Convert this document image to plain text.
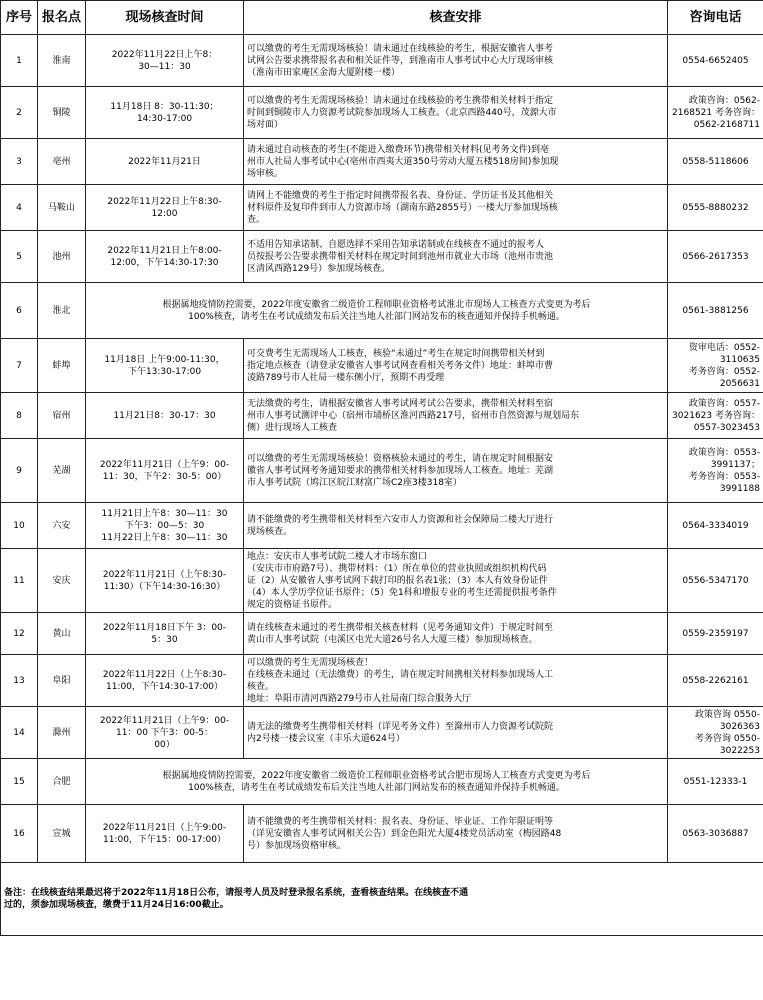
序号	报名点	现场核查时间	核查安排	咨询电话
1	淮南	2022年11月22日上午8：
30—11：30	可以缴费的考生无需现场核验！请未通过在线核验的考生，根据安徽省人事考
试网公告要求携带报名表和相关证件等，到淮南市人事考试中心大厅现场审核
（淮南市田家庵区金海大厦附楼一楼）	0554-6652405

2	铜陵	11月18日 8：30-11:30；
14:30-17:00	可以缴费的考生无需现场核验！请未通过在线核验的考生携带相关材料于指定
时间到铜陵市人力资源考试院参加现场人工核查。（北京西路440号，茂源大市
场对面）	政策咨询：0562-
2168521 考务咨询：
0562-2168711

3	亳州	2022年11月21日	请未通过自动核查的考生(不能进入缴费环节)携带相关材料(见考务文件)到亳
州市人社局人事考试中心(亳州市西夷大道350号劳动大厦五楼518房间)参加现
场审核。	0558-5118606

4	马鞍山	2022年11月22日上午8:30-
12:00	请网上不能缴费的考生于指定时间携带报名表、身份证、学历证书及其他相关
材料原件及复印件到市人力资源市场（湖南东路2855号）一楼大厅参加现场核
查。	0555-8880232

5	池州	2022年11月21日上午8:00-
12:00，下午14:30-17:30	不适用告知承诺制、自愿选择不采用告知承诺制或在线核查不通过的报考人
员按报考公告要求携带相关材料在规定时间到池州市就业大市场（池州市贵池
区清风西路129号）参加现场核查。	0566-2617353

6	淮北	根据属地疫情防控需要，2022年度安徽省二级造价工程师职业资格考试淮北市现场人工核查方式变更为考后
100%核查，请考生在考试成绩发布后关注当地人社部门网站发布的核查通知并保持手机畅通。		0561-3881256

7	蚌埠	11月18日 上午9:00-11:30，
下午13:30-17:00	可交费考生无需现场人工核查，核验“未通过”考生在规定时间携带相关材到
指定地点核查（请登录安徽省人事考试网查看相关考务文件）地址：蚌埠市曹
凌路789号市人社局一楼东侧小厅，预期不再受理	资审电话：0552-
3110635
考务咨询：0552-
2056631

8	宿州	11月21日8：30-17：30	无法缴费的考生，请根据安徽省人事考试网考试公告要求，携带相关材料至宿
州市人事考试测评中心（宿州市埇桥区淮河西路217号，宿州市自然资源与规划局东
侧）进行现场人工核查	政策咨询：0557-
3021623 考务咨询：
0557-3023453

9	芜湖	2022年11月21日（上午9：00-
11：30，下午2：30-5：00）	可以缴费的考生无需现场核验！资格核验未通过的考生，请在规定时间根据安
徽省人事考试网考务通知要求的携带相关材料参加现场人工核查。地址：芜湖
市人事考试院（鸠江区皖江财富广场C2座3楼318室）	政策咨询：0553-
3991137；
考务咨询：0553-
3991188

10	六安	11月21日上午8：30—11：30
下午3：00—5：30
11月22日上午8：30—11：30	请不能缴费的考生携带相关材料至六安市人力资源和社会保障局二楼大厅进行
现场核查。	0564-3334019

11	安庆	2022年11月21日（上午8:30-
11:30）（下午14:30-16:30）	地点：安庆市人事考试院二楼人才市场东窗口
（安庆市市府路7号）、携带材料：（1）所在单位的营业执照或组织机构代码
证（2）从安徽省人事考试网下载打印的报名表1张；（3）本人有效身份证件
（4）本人学历学位证书原件；（5）免1科和增报专业的考生还需提供报考条件
规定的资格证书原件。	0556-5347170

12	黄山	2022年11月18日下午 3：00-
5：30	请在线核查未通过的考生携带相关核查材料（见考务通知文件）于规定时间至
黄山市人事考试院（屯溪区屯光大道26号名人大厦三楼）参加现场核查。	0559-2359197

13	阜阳	2022年11月22日（上午8:30-
11:00，下午14:30-17:00）	可以缴费的考生无需现场核查！
在线核查未通过（无法缴费）的考生，请在规定时间携相关材料参加现场人工
核查。
地址：阜阳市清河西路279号市人社局南门综合服务大厅	0558-2262161

14	滁州	2022年11月21日（上午9：00-
11：00 下午3：00-5：
00）	请无法的缴费考生携带相关材料（详见考务文件）至滁州市人力资源考试院院
内2号楼一楼会议室（丰乐大道624号）	政策咨询 0550-
3026363
考务咨询 0550-
3022253

15	合肥	根据属地疫情防控需要，2022年度安徽省二级造价工程师职业资格考试合肥市现场人工核查方式变更为考后
100%核查，请考生在考试成绩发布后关注当地人社部门网站发布的核查通知并保持手机畅通。		0551-12333-1

16	宣城	2022年11月21日（上午9:00-
11:00，下午15：00-17:00）	请不能缴费的考生携带相关材料：报名表、身份证、毕业证、工作年限证明等
（详见安徽省人事考试网相关公告）到金色阳光大厦4楼党员活动室（梅园路48
号）参加现场资格审核。	0563-3036887

备注：在线核查结果最迟将于2022年11月18日公布，请报考人员及时登录报名系统，查看核查结果。在线核查不通
过的，须参加现场核查，缴费于11月24日16:00截止。				
